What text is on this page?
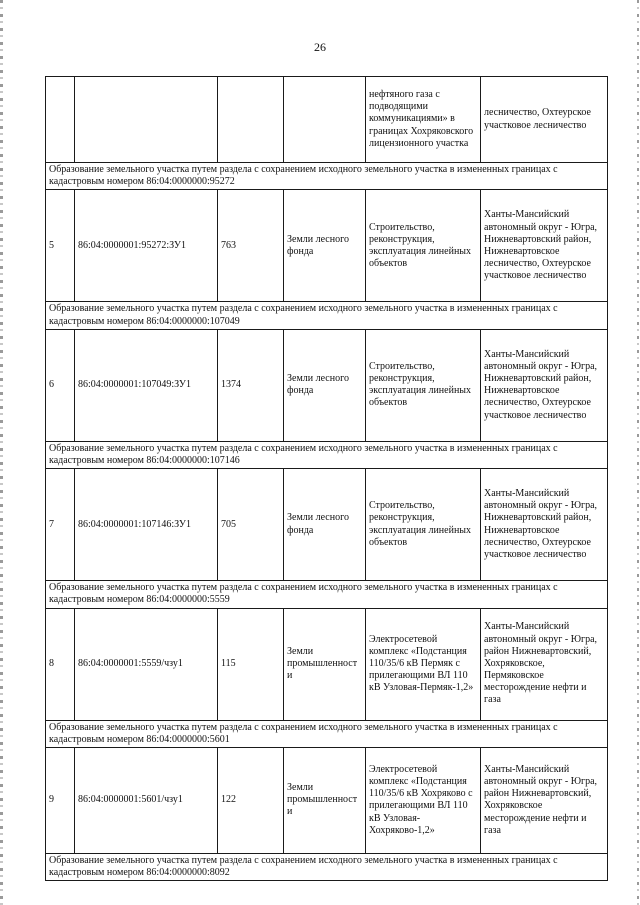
26
				нефтяного газа с подводящими коммуникациями» в границах Хохряковского лицензионного участка	лесничество, Охтеурское участковое лесничество
Образование земельного участка путем раздела с сохранением исходного земельного участка в измененных границах с кадастровым номером 86:04:0000000:95272					
5	86:04:0000001:95272:ЗУ1	763	Земли лесного фонда	Строительство, реконструкция, эксплуатация линейных объектов	Ханты-Мансийский автономный округ - Югра, Нижневартовский район, Нижневартовское лесничество, Охтеурское участковое лесничество
Образование земельного участка путем раздела с сохранением исходного земельного участка в измененных границах с кадастровым номером 86:04:0000000:107049					
6	86:04:0000001:107049:ЗУ1	1374	Земли лесного фонда	Строительство, реконструкция, эксплуатация линейных объектов	Ханты-Мансийский автономный округ - Югра, Нижневартовский район, Нижневартовское лесничество, Охтеурское участковое лесничество
Образование земельного участка путем раздела с сохранением исходного земельного участка в измененных границах с кадастровым номером 86:04:0000000:107146					
7	86:04:0000001:107146:ЗУ1	705	Земли лесного фонда	Строительство, реконструкция, эксплуатация линейных объектов	Ханты-Мансийский автономный округ - Югра, Нижневартовский район, Нижневартовское лесничество, Охтеурское участковое лесничество
Образование земельного участка путем раздела с сохранением исходного земельного участка в измененных границах с кадастровым номером 86:04:0000000:5559					
8	86:04:0000001:5559/чзу1	115	Земли промышленности	Электросетевой комплекс «Подстанция 110/35/6 кВ Пермяк с прилегающими ВЛ 110 кВ Узловая-Пермяк-1,2»	Ханты-Мансийский автономный округ - Югра, район Нижневартовский, Хохряковское, Пермяковское месторождение нефти и газа
Образование земельного участка путем раздела с сохранением исходного земельного участка в измененных границах с кадастровым номером 86:04:0000000:5601					
9	86:04:0000001:5601/чзу1	122	Земли промышленности	Электросетевой комплекс «Подстанция 110/35/6 кВ Хохряково с прилегающими ВЛ 110 кВ Узловая-Хохряково-1,2»	Ханты-Мансийский автономный округ - Югра, район Нижневартовский, Хохряковское месторождение нефти и газа
Образование земельного участка путем раздела с сохранением исходного земельного участка в измененных границах с кадастровым номером 86:04:0000000:8092					
